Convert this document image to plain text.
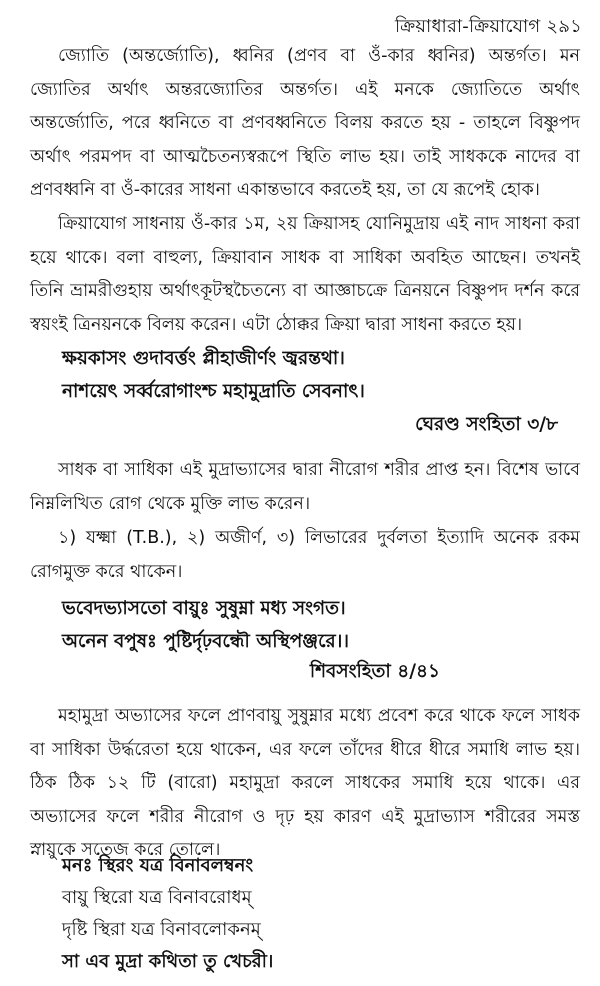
ক্রিয়াধারা-ক্রিয়াযোগ ২৯১

জ্যোতি (অন্তর্জ্যোতি), ধ্বনির (প্রণব বা ওঁ-কার ধ্বনির) অন্তর্গত। মন জ্যোতির অর্থাৎ অন্তরজ্যোতির অন্তর্গত। এই মনকে জ্যোতিতে অর্থাৎ অন্তর্জ্যোতি, পরে ধ্বনিতে বা প্রণবধ্বনিতে বিলয় করতে হয় - তাহলে বিষ্ণুপদ অর্থাৎ পরমপদ বা আত্মচৈতন্যস্বরূপে স্থিতি লাভ হয়। তাই সাধককে নাদের বা প্রণবধ্বনি বা ওঁ-কারের সাধনা একান্তভাবে করতেই হয়, তা যে রূপেই হোক।

ক্রিয়াযোগ সাধনায় ওঁ-কার ১ম, ২য় ক্রিয়াসহ যোনিমুদ্রায় এই নাদ সাধনা করা হয়ে থাকে। বলা বাহুল্য, ক্রিয়াবান সাধক বা সাধিকা অবহিত আছেন। তখনই তিনি ভ্রামরীগুহায় অর্থাৎকূটস্থচৈতন্যে বা আজ্ঞাচক্রে ত্রিনয়নে বিষ্ণুপদ দর্শন করে স্বয়ংই ত্রিনয়নকে বিলয় করেন। এটা ঠোক্কর ক্রিয়া দ্বারা সাধনা করতে হয়।

ক্ষয়কাসং গুদাবর্ত্তং প্লীহাজীর্ণং জ্বরন্তথা।
নাশয়েৎ সর্ব্বরোগাংশ্চ মহামুদ্রাতি সেবনাৎ।
ঘেরণ্ড সংহিতা ৩/৮

সাধক বা সাধিকা এই মুদ্রাভ্যাসের দ্বারা নীরোগ শরীর প্রাপ্ত হন। বিশেষ ভাবে নিম্নলিখিত রোগ থেকে মুক্তি লাভ করেন।

১) যক্ষ্মা (T.B.), ২) অজীর্ণ, ৩) লিভারের দুর্বলতা ইত্যাদি অনেক রকম রোগমুক্ত করে থাকেন।

ভবেদভ্যাসতো বায়ুঃ সুষুম্না মধ্য সংগত।
অনেন বপুষঃ পুষ্টির্দৃঢ়বন্ধৌ অস্থিপঞ্জরে।।
শিবসংহিতা ৪/৪১

মহামুদ্রা অভ্যাসের ফলে প্রাণবায়ু সুষুম্নার মধ্যে প্রবেশ করে থাকে ফলে সাধক বা সাধিকা উর্দ্ধরেতা হয়ে থাকেন, এর ফলে তাঁদের ধীরে ধীরে সমাধি লাভ হয়। ঠিক ঠিক ১২ টি (বারো) মহামুদ্রা করলে সাধকের সমাধি হয়ে থাকে। এর অভ্যাসের ফলে শরীর নীরোগ ও দৃঢ় হয় কারণ এই মুদ্রাভ্যাস শরীরের সমস্ত স্নায়ুকে সতেজ করে তোলে।

মনঃ স্থিরং যত্র বিনাবলম্বনং
বায়ু স্থিরো যত্র বিনাবরোধম্
দৃষ্টি স্থিরা যত্র বিনাবলোকনম্
সা এব মুদ্রা কথিতা তু খেচরী।
